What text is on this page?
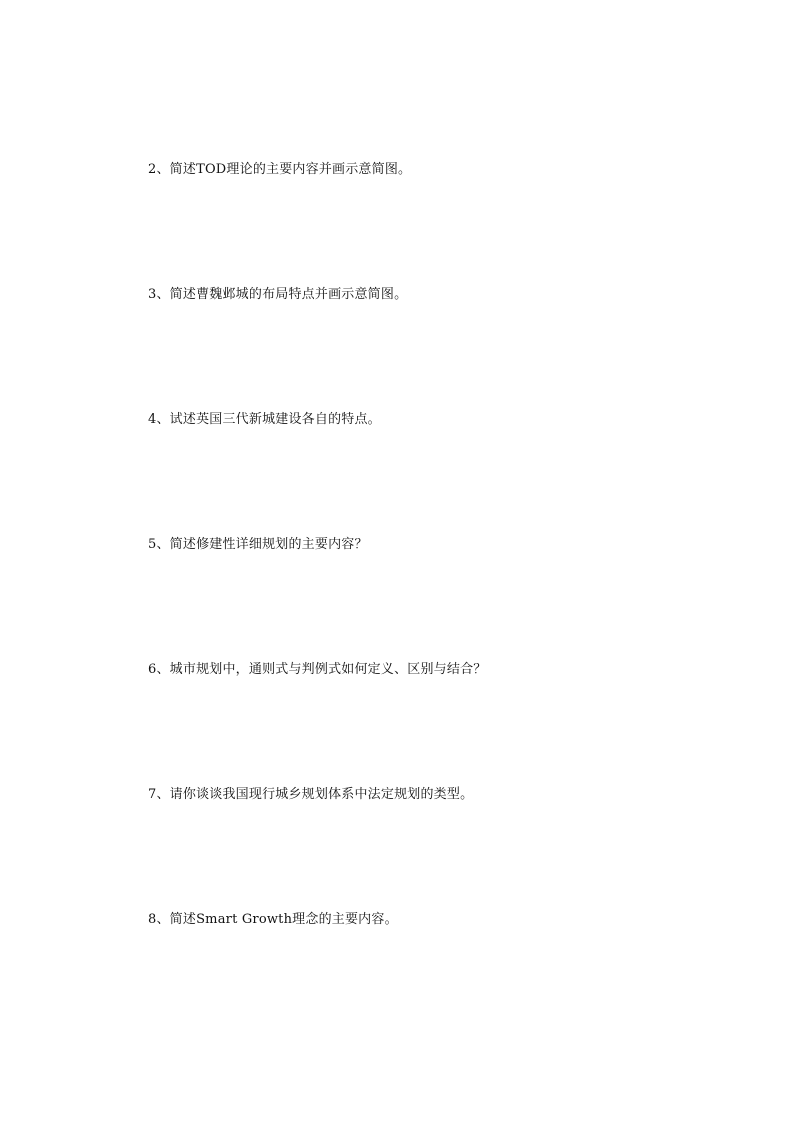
2、简述TOD理论的主要内容并画示意简图。
3、简述曹魏邺城的布局特点并画示意简图。
4、试述英国三代新城建设各自的特点。
5、简述修建性详细规划的主要内容？
6、城市规划中，通则式与判例式如何定义、区别与结合？
7、请你谈谈我国现行城乡规划体系中法定规划的类型。
8、简述Smart Growth理念的主要内容。
